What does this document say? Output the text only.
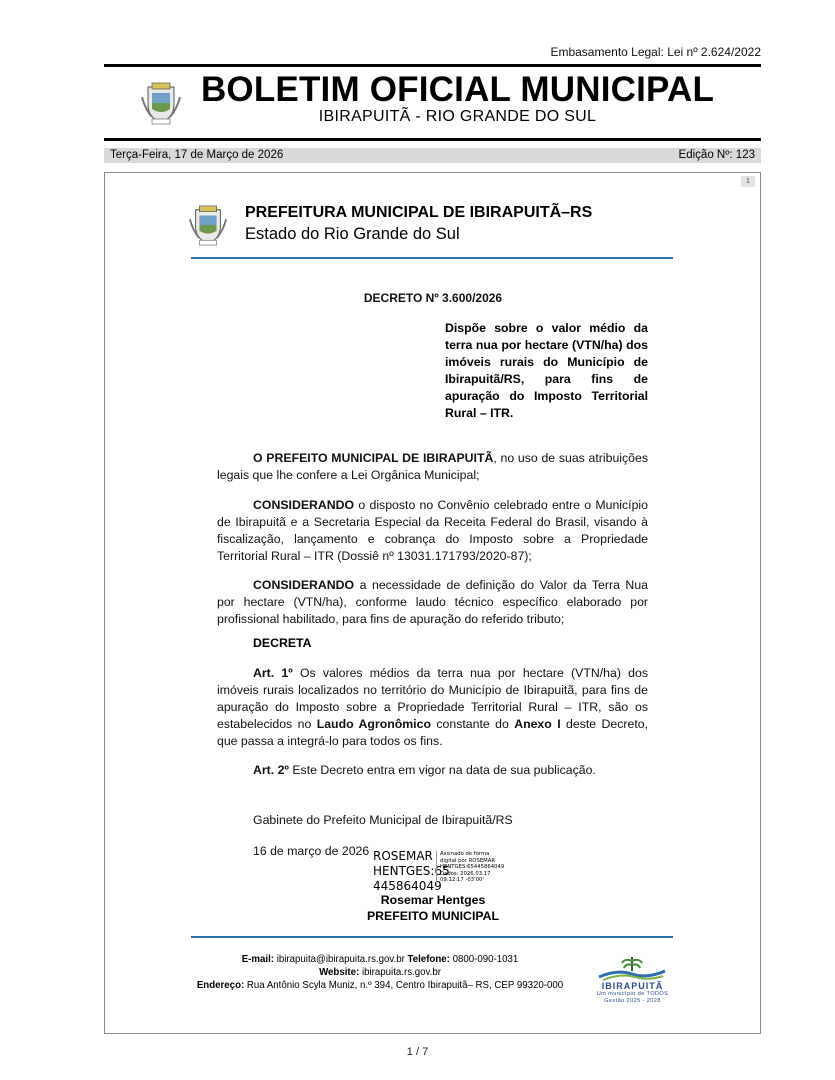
Embasamento Legal: Lei nº 2.624/2022
BOLETIM OFICIAL MUNICIPAL
IBIRAPUITÃ - RIO GRANDE DO SUL
Terça-Feira, 17 de Março de 2026	Edição Nº: 123
1
PREFEITURA MUNICIPAL DE IBIRAPUITÃ–RS
Estado do Rio Grande do Sul
DECRETO Nº 3.600/2026
Dispõe sobre o valor médio da terra nua por hectare (VTN/ha) dos imóveis rurais do Município de Ibirapuitã/RS, para fins de apuração do Imposto Territorial Rural – ITR.
O PREFEITO MUNICIPAL DE IBIRAPUITÃ, no uso de suas atribuições legais que lhe confere a Lei Orgânica Municipal;
CONSIDERANDO o disposto no Convênio celebrado entre o Município de Ibirapuitã e a Secretaria Especial da Receita Federal do Brasil, visando à fiscalização, lançamento e cobrança do Imposto sobre a Propriedade Territorial Rural – ITR (Dossiê nº 13031.171793/2020-87);
CONSIDERANDO a necessidade de definição do Valor da Terra Nua por hectare (VTN/ha), conforme laudo técnico específico elaborado por profissional habilitado, para fins de apuração do referido tributo;
DECRETA
Art. 1º Os valores médios da terra nua por hectare (VTN/ha) dos imóveis rurais localizados no território do Município de Ibirapuitã, para fins de apuração do Imposto sobre a Propriedade Territorial Rural – ITR, são os estabelecidos no Laudo Agronômico constante do Anexo I deste Decreto, que passa a integrá-lo para todos os fins.
Art. 2º Este Decreto entra em vigor na data de sua publicação.
Gabinete do Prefeito Municipal de Ibirapuitã/RS
16 de março de 2026 ROSEMAR
HENTGES:65
445864049
Assinado de forma
digital por ROSEMAR
HENTGES:65445864049
Dados: 2026.03.17
09:12:17 -03'00'
Rosemar Hentges
PREFEITO MUNICIPAL
E-mail: ibirapuita@ibirapuita.rs.gov.br Telefone: 0800-090-1031
Website: ibirapuita.rs.gov.br
Endereço: Rua Antônio Scyla Muniz, n.º 394, Centro Ibirapuitã– RS, CEP 99320-000	IBIRAPUITÃ
Um município de TODOS
Gestão 2025 - 2028
1 / 7
